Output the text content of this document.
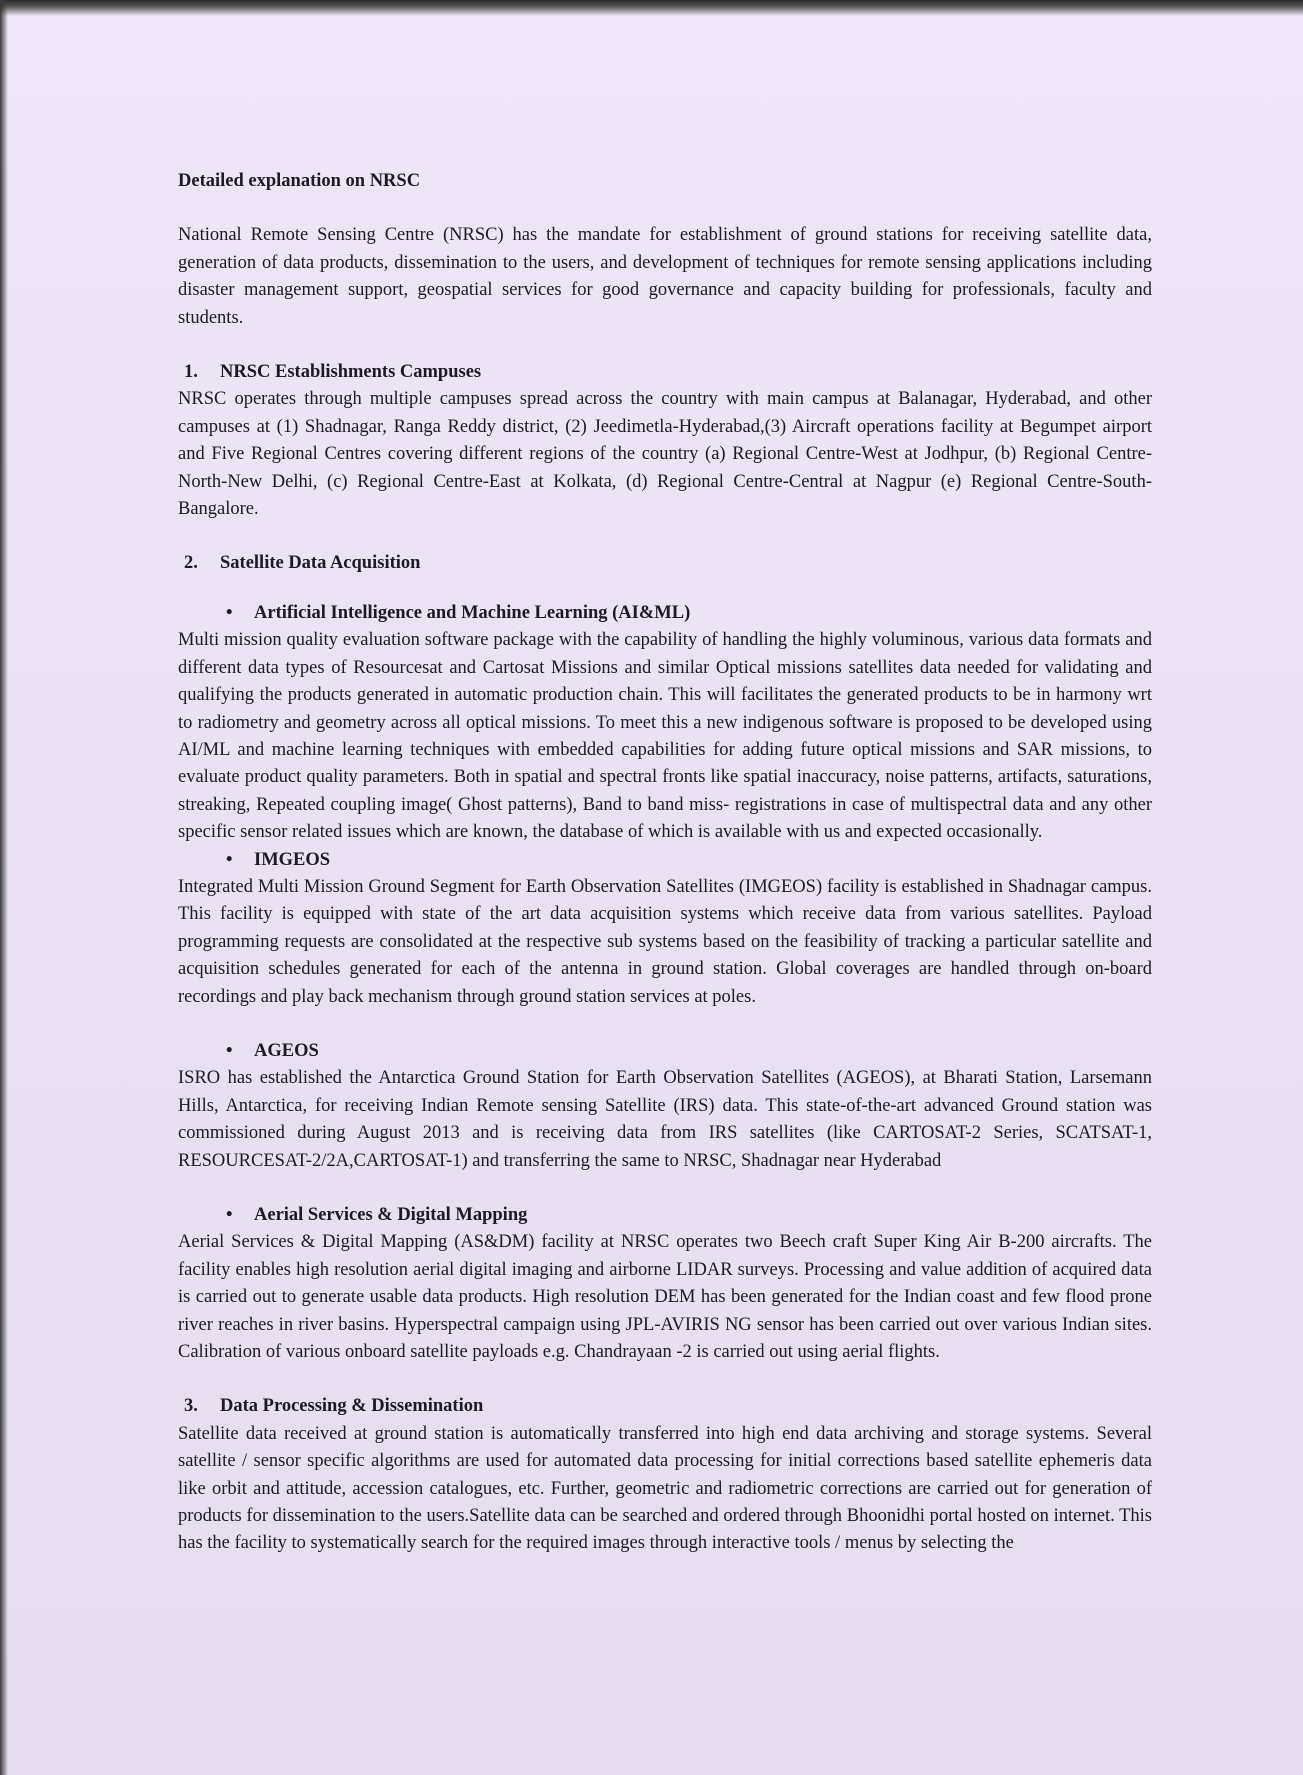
Detailed explanation on NRSC

National Remote Sensing Centre (NRSC) has the mandate for establishment of ground stations for receiving satellite data, generation of data products, dissemination to the users, and development of techniques for remote sensing applications including disaster management support, geospatial services for good governance and capacity building for professionals, faculty and students.

1. NRSC Establishments Campuses

NRSC operates through multiple campuses spread across the country with main campus at Balanagar, Hyderabad, and other campuses at (1) Shadnagar, Ranga Reddy district, (2) Jeedimetla-Hyderabad,(3) Aircraft operations facility at Begumpet airport and Five Regional Centres covering different regions of the country (a) Regional Centre-West at Jodhpur, (b) Regional Centre-North-New Delhi, (c) Regional Centre-East at Kolkata, (d) Regional Centre-Central at Nagpur (e) Regional Centre-South-Bangalore.

2. Satellite Data Acquisition

• Artificial Intelligence and Machine Learning (AI&ML)

Multi mission quality evaluation software package with the capability of handling the highly voluminous, various data formats and different data types of Resourcesat and Cartosat Missions and similar Optical missions satellites data needed for validating and qualifying the products generated in automatic production chain. This will facilitates the generated products to be in harmony wrt to radiometry and geometry across all optical missions. To meet this a new indigenous software is proposed to be developed using AI/ML and machine learning techniques with embedded capabilities for adding future optical missions and SAR missions, to evaluate product quality parameters. Both in spatial and spectral fronts like spatial inaccuracy, noise patterns, artifacts, saturations, streaking, Repeated coupling image( Ghost patterns), Band to band miss- registrations in case of multispectral data and any other specific sensor related issues which are known, the database of which is available with us and expected occasionally.

• IMGEOS

Integrated Multi Mission Ground Segment for Earth Observation Satellites (IMGEOS) facility is established in Shadnagar campus. This facility is equipped with state of the art data acquisition systems which receive data from various satellites. Payload programming requests are consolidated at the respective sub systems based on the feasibility of tracking a particular satellite and acquisition schedules generated for each of the antenna in ground station. Global coverages are handled through on-board recordings and play back mechanism through ground station services at poles.

• AGEOS

ISRO has established the Antarctica Ground Station for Earth Observation Satellites (AGEOS), at Bharati Station, Larsemann Hills, Antarctica, for receiving Indian Remote sensing Satellite (IRS) data. This state-of-the-art advanced Ground station was commissioned during August 2013 and is receiving data from IRS satellites (like CARTOSAT-2 Series, SCATSAT-1, RESOURCESAT-2/2A,CARTOSAT-1) and transferring the same to NRSC, Shadnagar near Hyderabad

• Aerial Services & Digital Mapping

Aerial Services & Digital Mapping (AS&DM) facility at NRSC operates two Beech craft Super King Air B-200 aircrafts. The facility enables high resolution aerial digital imaging and airborne LIDAR surveys. Processing and value addition of acquired data is carried out to generate usable data products. High resolution DEM has been generated for the Indian coast and few flood prone river reaches in river basins. Hyperspectral campaign using JPL-AVIRIS NG sensor has been carried out over various Indian sites. Calibration of various onboard satellite payloads e.g. Chandrayaan -2 is carried out using aerial flights.

3. Data Processing & Dissemination

Satellite data received at ground station is automatically transferred into high end data archiving and storage systems. Several satellite / sensor specific algorithms are used for automated data processing for initial corrections based satellite ephemeris data like orbit and attitude, accession catalogues, etc. Further, geometric and radiometric corrections are carried out for generation of products for dissemination to the users.Satellite data can be searched and ordered through Bhoonidhi portal hosted on internet. This has the facility to systematically search for the required images through interactive tools / menus by selecting the
